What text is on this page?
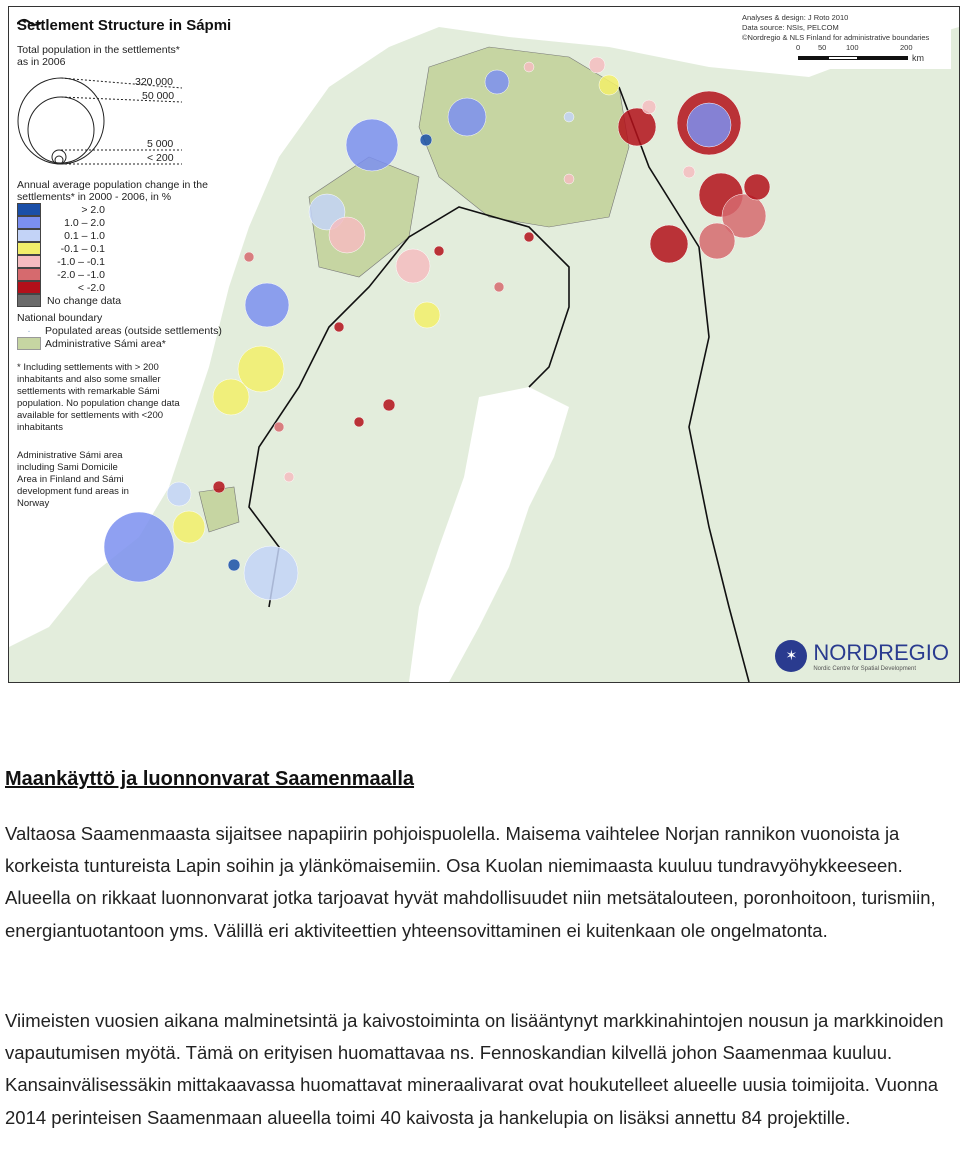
Settlement Structure in Sápmi
Total population in the settlements* as in 2006
320 000
50 000
5 000
< 200
Annual average population change in the settlements* in 2000 - 2006, in %
> 2.0
1.0 – 2.0
0.1 – 1.0
-0.1 – 0.1
-1.0 – -0.1
-2.0 – -1.0
< -2.0
No change data
National boundary
·	Populated areas (outside settlements)
Administrative Sámi area*
* Including settlements with > 200 inhabitants and also some smaller settlements with remarkable Sámi population. No population change data available for settlements with <200 inhabitants
Administrative Sámi area including Sami Domicile Area in Finland and Sámi development fund areas in Norway
Analyses & design: J Roto 2010
Data source: NSIs, PELCOM
©Nordregio & NLS Finland for administrative boundaries
0 50	100	200
km
✶ NORDREGIO
Nordic Centre for Spatial Development
Maankäyttö ja luonnonvarat Saamenmaalla

Valtaosa Saamenmaasta sijaitsee napapiirin pohjoispuolella. Maisema vaihtelee Norjan rannikon vuonoista ja korkeista tuntureista Lapin soihin ja ylänkömaisemiin. Osa Kuolan niemimaasta kuuluu tundravyöhykkeeseen. Alueella on rikkaat luonnonvarat jotka tarjoavat hyvät mahdollisuudet niin metsätalouteen, poronhoitoon, turismiin, energiantuotantoon yms. Välillä eri aktiviteettien yhteensovittaminen ei kuitenkaan ole ongelmatonta.

Viimeisten vuosien aikana malminetsintä ja kaivostoiminta on lisääntynyt markkinahintojen nousun ja markkinoiden vapautumisen myötä. Tämä on erityisen huomattavaa ns. Fennoskandian kilvellä johon Saamenmaa kuuluu. Kansainvälisessäkin mittakaavassa huomattavat mineraalivarat ovat houkutelleet alueelle uusia toimijoita. Vuonna 2014 perinteisen Saamenmaan alueella toimi 40 kaivosta ja hankelupia on lisäksi annettu 84 projektille.
